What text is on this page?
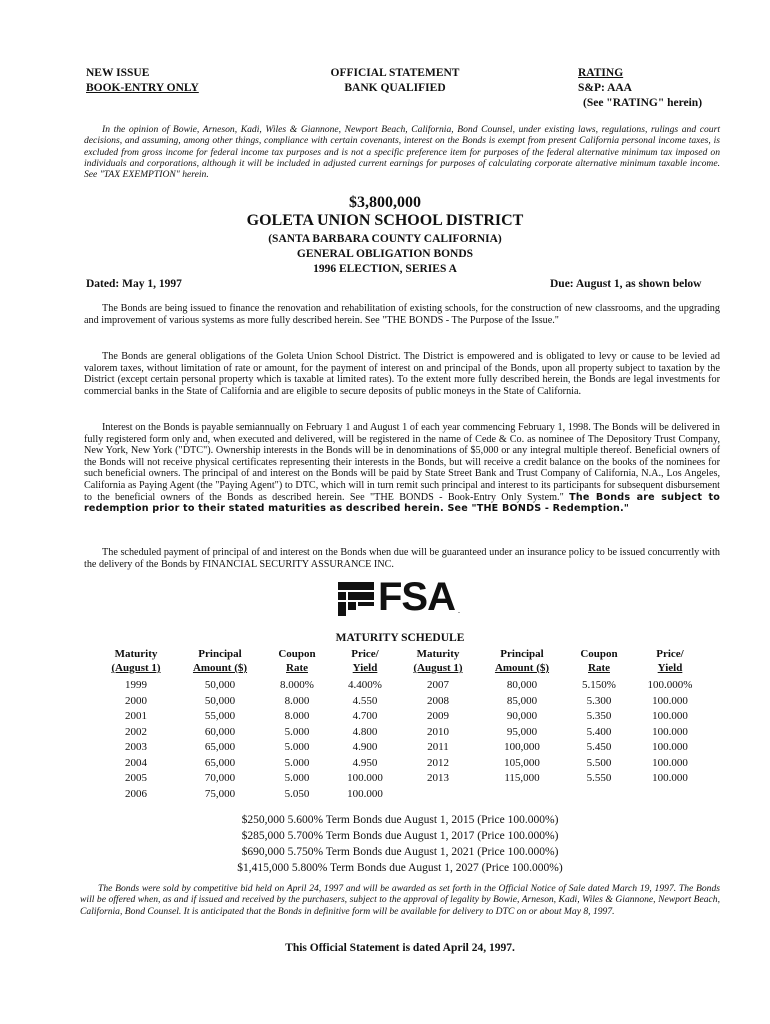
NEW ISSUE
BOOK-ENTRY ONLY
OFFICIAL STATEMENT
BANK QUALIFIED
RATING
S&P: AAA
(See "RATING" herein)
In the opinion of Bowie, Arneson, Kadi, Wiles & Giannone, Newport Beach, California, Bond Counsel, under existing laws, regulations, rulings and court decisions, and assuming, among other things, compliance with certain covenants, interest on the Bonds is exempt from present California personal income taxes, is excluded from gross income for federal income tax purposes and is not a specific preference item for purposes of the federal alternative minimum tax imposed on individuals and corporations, although it will be included in adjusted current earnings for purposes of calculating corporate alternative minimum taxable income. See "TAX EXEMPTION" herein.
$3,800,000
GOLETA UNION SCHOOL DISTRICT
(SANTA BARBARA COUNTY CALIFORNIA)
GENERAL OBLIGATION BONDS
1996 ELECTION, SERIES A
Dated: May 1, 1997	Due: August 1, as shown below
The Bonds are being issued to finance the renovation and rehabilitation of existing schools, for the construction of new classrooms, and the upgrading and improvement of various systems as more fully described herein. See "THE BONDS - The Purpose of the Issue."
The Bonds are general obligations of the Goleta Union School District. The District is empowered and is obligated to levy or cause to be levied ad valorem taxes, without limitation of rate or amount, for the payment of interest on and principal of the Bonds, upon all property subject to taxation by the District (except certain personal property which is taxable at limited rates). To the extent more fully described herein, the Bonds are legal investments for commercial banks in the State of California and are eligible to secure deposits of public moneys in the State of California.
Interest on the Bonds is payable semiannually on February 1 and August 1 of each year commencing February 1, 1998. The Bonds will be delivered in fully registered form only and, when executed and delivered, will be registered in the name of Cede & Co. as nominee of The Depository Trust Company, New York, New York ("DTC"). Ownership interests in the Bonds will be in denominations of $5,000 or any integral multiple thereof. Beneficial owners of the Bonds will not receive physical certificates representing their interests in the Bonds, but will receive a credit balance on the books of the nominees for such beneficial owners. The principal of and interest on the Bonds will be paid by State Street Bank and Trust Company of California, N.A., Los Angeles, California as Paying Agent (the "Paying Agent") to DTC, which will in turn remit such principal and interest to its participants for subsequent disbursement to the beneficial owners of the Bonds as described herein. See "THE BONDS - Book-Entry Only System." The Bonds are subject to redemption prior to their stated maturities as described herein. See "THE BONDS - Redemption."
The scheduled payment of principal of and interest on the Bonds when due will be guaranteed under an insurance policy to be issued concurrently with the delivery of the Bonds by FINANCIAL SECURITY ASSURANCE INC.
FSA .
MATURITY SCHEDULE
Maturity
(August 1)
1999
2000
2001
2002
2003
2004
2005
2006
Principal
Amount ($)
50,000
50,000
55,000
60,000
65,000
65,000
70,000
75,000
Coupon
Rate
8.000%
8.000
8.000
5.000
5.000
5.000
5.000
5.050
Price/
Yield
4.400%
4.550
4.700
4.800
4.900
4.950
100.000
100.000
Maturity
(August 1)
2007
2008
2009
2010
2011
2012
2013
Principal
Amount ($)
80,000
85,000
90,000
95,000
100,000
105,000
115,000
Coupon
Rate
5.150%
5.300
5.350
5.400
5.450
5.500
5.550
Price/
Yield
100.000%
100.000
100.000
100.000
100.000
100.000
100.000
$250,000 5.600% Term Bonds due August 1, 2015 (Price 100.000%)
$285,000 5.700% Term Bonds due August 1, 2017 (Price 100.000%)
$690,000 5.750% Term Bonds due August 1, 2021 (Price 100.000%)
$1,415,000 5.800% Term Bonds due August 1, 2027 (Price 100.000%)
The Bonds were sold by competitive bid held on April 24, 1997 and will be awarded as set forth in the Official Notice of Sale dated March 19, 1997. The Bonds will be offered when, as and if issued and received by the purchasers, subject to the approval of legality by Bowie, Arneson, Kadi, Wiles & Giannone, Newport Beach, California, Bond Counsel. It is anticipated that the Bonds in definitive form will be available for delivery to DTC on or about May 8, 1997.
This Official Statement is dated April 24, 1997.
